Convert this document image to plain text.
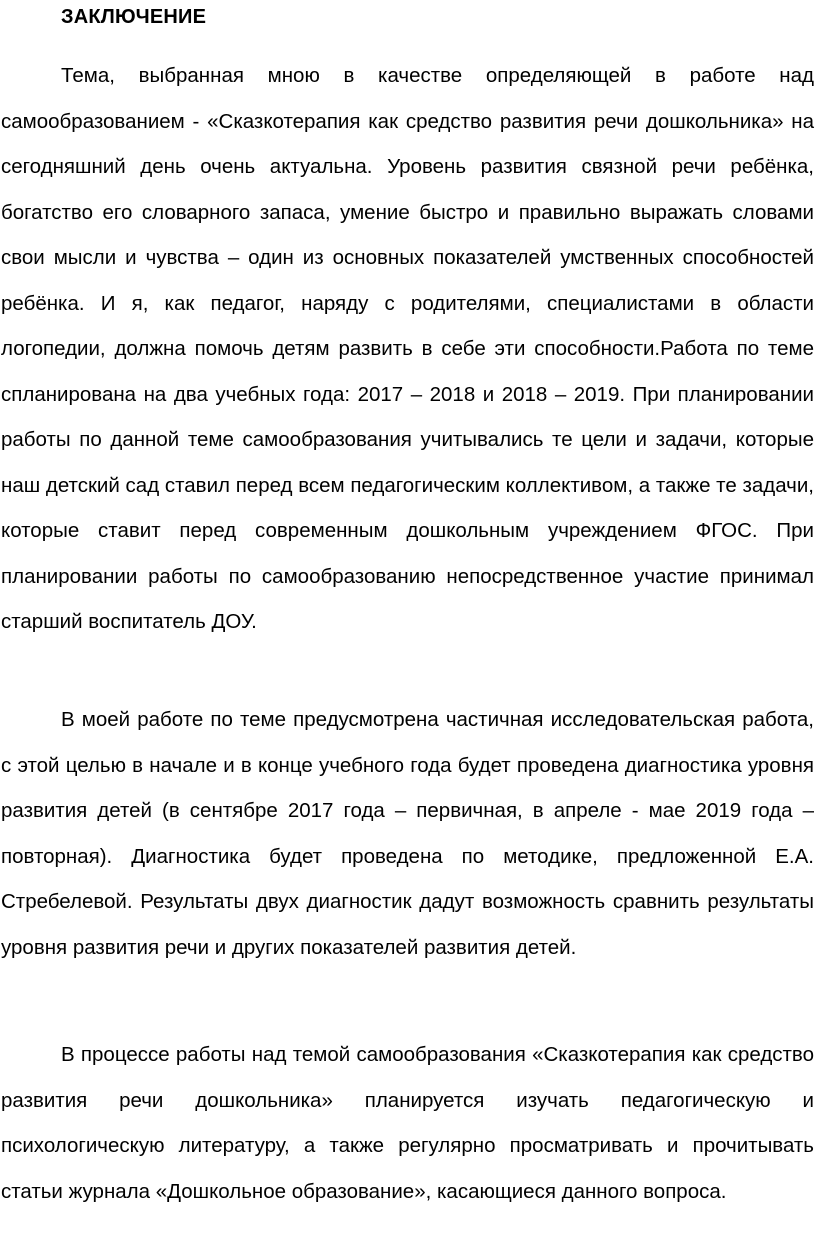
ЗАКЛЮЧЕНИЕ

Тема, выбранная мною в качестве определяющей в работе над самообразованием - «Сказкотерапия как средство развития речи дошкольника» на сегодняшний день очень актуальна. Уровень развития связной речи ребёнка, богатство его словарного запаса, умение быстро и правильно выражать словами свои мысли и чувства – один из основных показателей умственных способностей ребёнка. И я, как педагог, наряду с родителями, специалистами в области логопедии, должна помочь детям развить в себе эти способности.Работа по теме спланирована на два учебных года: 2017 – 2018 и 2018 – 2019. При планировании работы по данной теме самообразования учитывались те цели и задачи, которые наш детский сад ставил перед всем педагогическим коллективом, а также те задачи, которые ставит перед современным дошкольным учреждением ФГОС. При планировании работы по самообразованию непосредственное участие принимал старший воспитатель ДОУ.

В моей работе по теме предусмотрена частичная исследовательская работа, с этой целью в начале и в конце учебного года будет проведена диагностика уровня развития детей (в сентябре 2017 года – первичная, в апреле - мае 2019 года – повторная). Диагностика будет проведена по методике, предложенной Е.А. Стребелевой. Результаты двух диагностик дадут возможность сравнить результаты уровня развития речи и других показателей развития детей.

В процессе работы над темой самообразования «Сказкотерапия как средство развития речи дошкольника» планируется изучать педагогическую и психологическую литературу, а также регулярно просматривать и прочитывать статьи журнала «Дошкольное образование», касающиеся данного вопроса.
